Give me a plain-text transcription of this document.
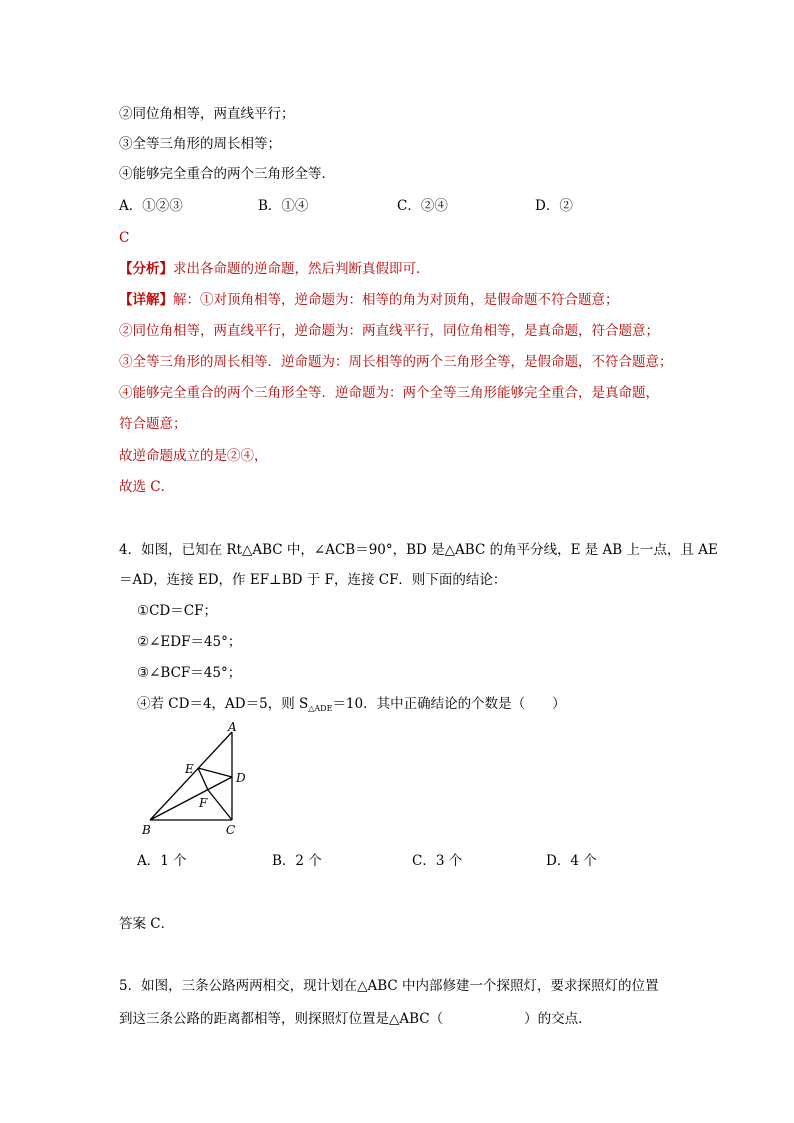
②同位角相等，两直线平行；
③全等三角形的周长相等；
④能够完全重合的两个三角形全等．
A．①②③	B．①④	C．②④	D．②
C
【分析】求出各命题的逆命题，然后判断真假即可．
【详解】解：①对顶角相等，逆命题为：相等的角为对顶角，是假命题不符合题意；
②同位角相等，两直线平行，逆命题为：两直线平行，同位角相等，是真命题，符合题意；
③全等三角形的周长相等．逆命题为：周长相等的两个三角形全等，是假命题，不符合题意；
④能够完全重合的两个三角形全等．逆命题为：两个全等三角形能够完全重合，是真命题，
符合题意；
故逆命题成立的是②④，
故选 C．
4．如图，已知在 Rt△ABC 中，∠ACB＝90°，BD 是△ABC 的角平分线，E 是 AB 上一点，且 AE
＝AD，连接 ED，作 EF⊥BD 于 F，连接 CF．则下面的结论：
①CD＝CF；
②∠EDF＝45°；
③∠BCF＝45°；
④若 CD＝4，AD＝5，则 $S_{\triangle ADE}=10$．其中正确结论的个数是（　　）
A
E
D
F
B	C
A．1 个	B．2 个	C．3 个	D．4 个
答案 C．
5．如图，三条公路两两相交，现计划在△ABC 中内部修建一个探照灯，要求探照灯的位置
到这三条公路的距离都相等，则探照灯位置是△ABC（　　　　　　）的交点．
